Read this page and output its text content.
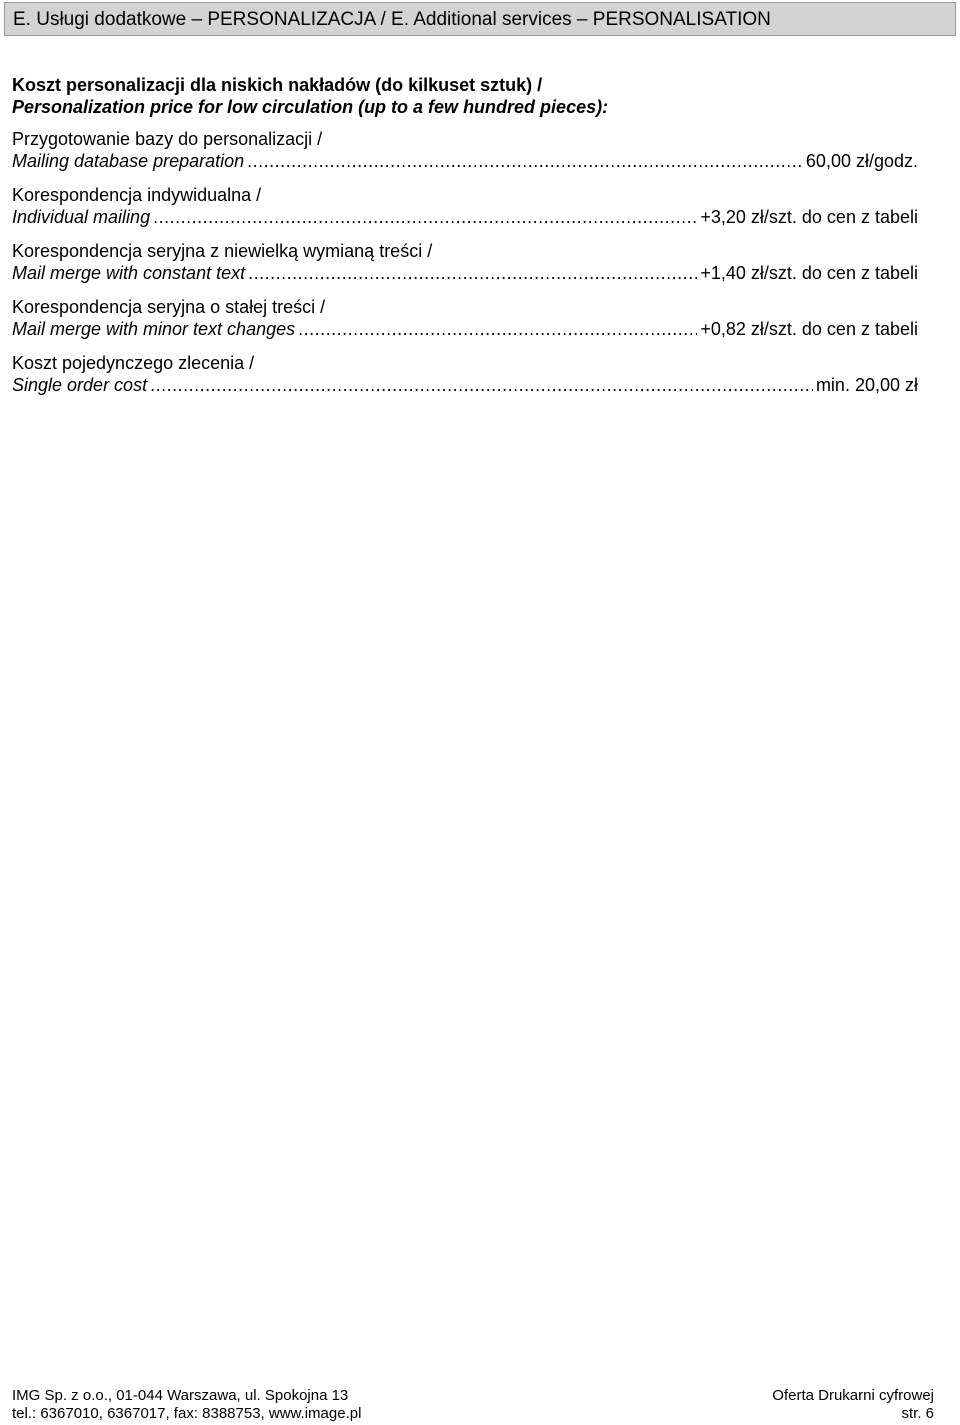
E. Usługi dodatkowe – PERSONALIZACJA / E. Additional services – PERSONALISATION
Koszt personalizacji dla niskich nakładów (do kilkuset sztuk) /
Personalization price for low circulation (up to a few hundred pieces):
Przygotowanie bazy do personalizacji /
Mailing database preparation .....	60,00 zł/godz.
Korespondencja indywidualna /
Individual mailing .....	+3,20 zł/szt. do cen z tabeli
Korespondencja seryjna z niewielką wymianą treści /
Mail merge with constant text .....	+1,40 zł/szt. do cen z tabeli
Korespondencja seryjna o stałej treści /
Mail merge with minor text changes .....	+0,82 zł/szt. do cen z tabeli
Koszt pojedynczego zlecenia /
Single order cost .....	min. 20,00 zł
IMG Sp. z o.o., 01-044 Warszawa, ul. Spokojna 13
tel.: 6367010, 6367017, fax: 8388753, www.image.pl
Oferta Drukarni cyfrowej
str. 6
